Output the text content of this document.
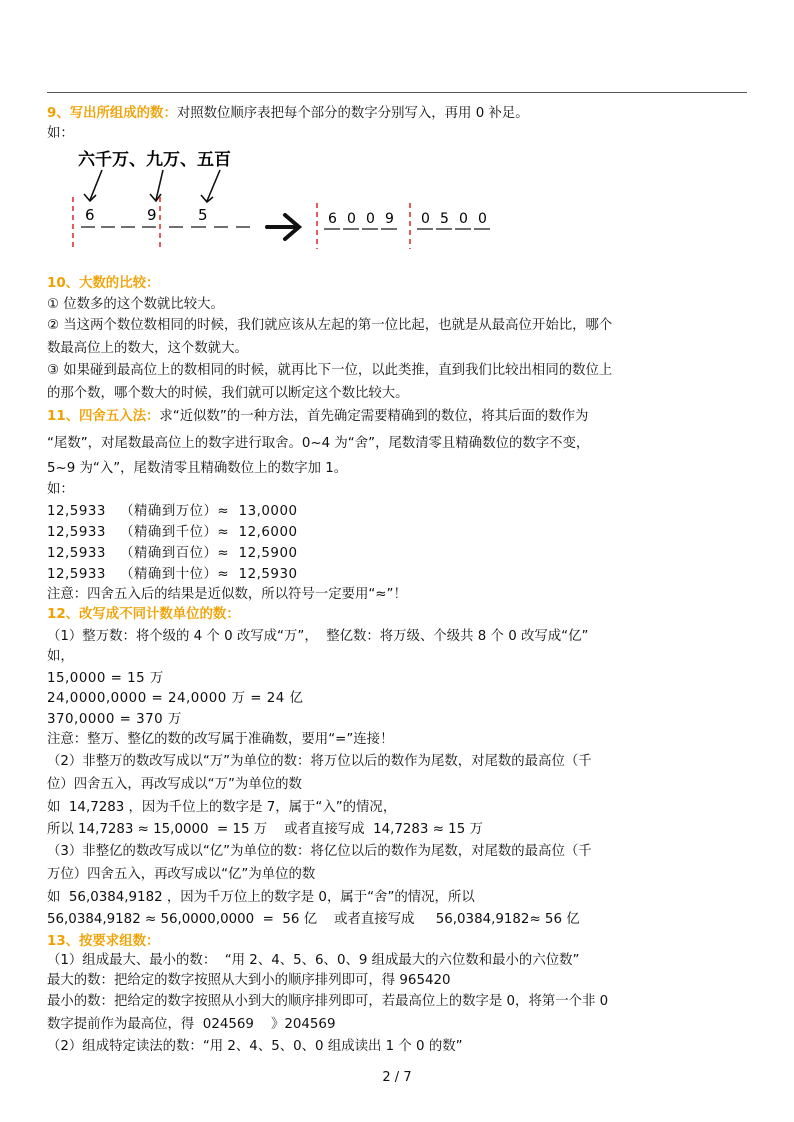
9、写出所组成的数：对照数位顺序表把每个部分的数字分别写入，再用 0 补足。
如：
六千万、九万、五百
6	9	5	6 0 0 9 0 5 0 0
10、大数的比较：
① 位数多的这个数就比较大。
② 当这两个数位数相同的时候，我们就应该从左起的第一位比起，也就是从最高位开始比，哪个
数最高位上的数大，这个数就大。
③ 如果碰到最高位上的数相同的时候，就再比下一位，以此类推，直到我们比较出相同的数位上
的那个数，哪个数大的时候，我们就可以断定这个数比较大。
11、四舍五入法：求“近似数”的一种方法，首先确定需要精确到的数位，将其后面的数作为
“尾数”，对尾数最高位上的数字进行取舍。0~4 为“舍”，尾数清零且精确数位的数字不变，
5~9 为“入”，尾数清零且精确数位上的数字加 1。
如：
12,5933   （精确到万位）≈  13,0000
12,5933   （精确到千位）≈  12,6000
12,5933   （精确到百位）≈  12,5900
12,5933   （精确到十位）≈  12,5930
注意：四舍五入后的结果是近似数，所以符号一定要用“≈”！
12、改写成不同计数单位的数：
（1）整万数：将个级的 4 个 0 改写成“万”，  整亿数：将万级、个级共 8 个 0 改写成“亿”
如，
15,0000 = 15 万
24,0000,0000 = 24,0000 万 = 24 亿
370,0000 = 370 万
注意：整万、整亿的数的改写属于准确数，要用“=”连接！
（2）非整万的数改写成以“万”为单位的数：将万位以后的数作为尾数，对尾数的最高位（千
位）四舍五入，再改写成以“万”为单位的数
如  14,7283 ，因为千位上的数字是 7，属于“入”的情况，
所以 14,7283 ≈ 15,0000  = 15 万    或者直接写成  14,7283 ≈ 15 万
（3）非整亿的数改写成以“亿”为单位的数：将亿位以后的数作为尾数，对尾数的最高位（千
万位）四舍五入，再改写成以“亿”为单位的数
如  56,0384,9182 ，因为千万位上的数字是 0，属于“舍”的情况，所以
56,0384,9182 ≈ 56,0000,0000  =  56 亿    或者直接写成     56,0384,9182≈ 56 亿
13、按要求组数：
（1）组成最大、最小的数：  “用 2、4、5、6、0、9 组成最大的六位数和最小的六位数”
最大的数：把给定的数字按照从大到小的顺序排列即可，得 965420
最小的数：把给定的数字按照从小到大的顺序排列即可，若最高位上的数字是 0，将第一个非 0
数字提前作为最高位，得  024569    》204569
（2）组成特定读法的数：“用 2、4、5、0、0 组成读出 1 个 0 的数”
2 / 7
